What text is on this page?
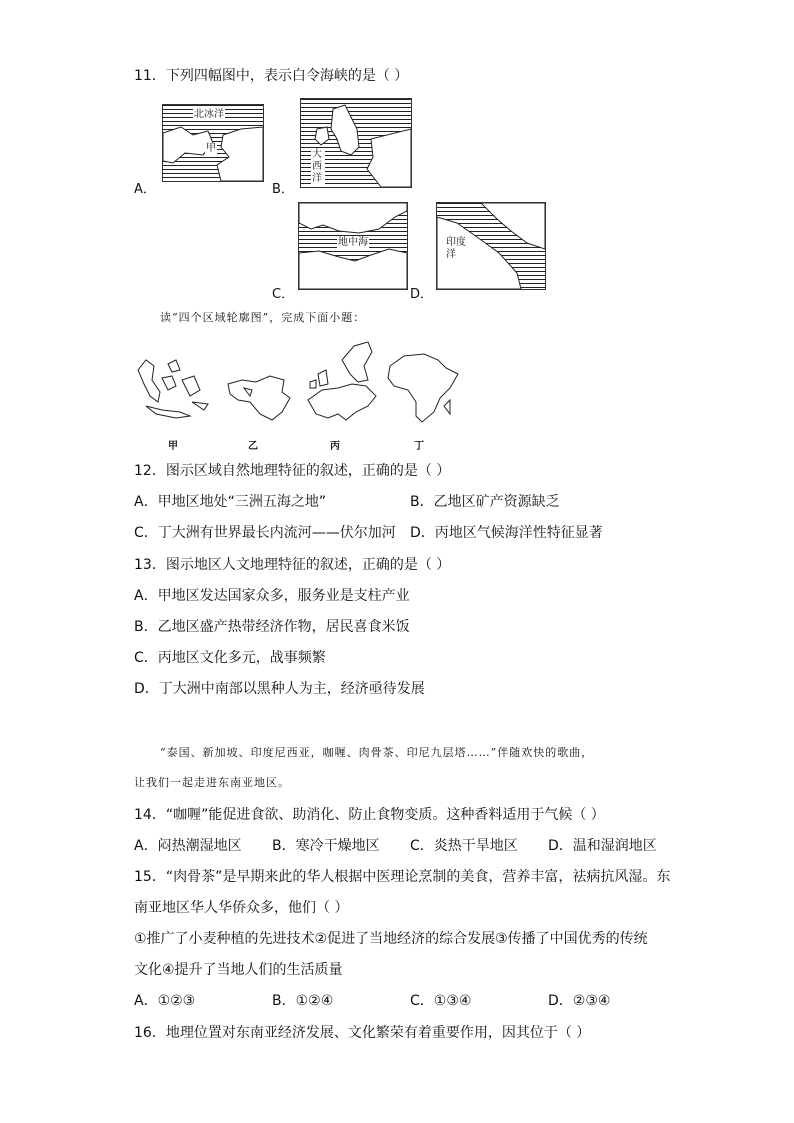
11．下列四幅图中，表示白令海峡的是（ ）
A．
北冰洋
甲
B．
大西洋
C．
地中海
D．
印度洋
读“四个区域轮廓图”，完成下面小题：
甲	乙	丙	丁
12．图示区域自然地理特征的叙述，正确的是（ ）
A．甲地区地处“三洲五海之地”	B．乙地区矿产资源缺乏
C．丁大洲有世界最长内流河——伏尔加河 D．丙地区气候海洋性特征显著
13．图示地区人文地理特征的叙述，正确的是（ ）
A．甲地区发达国家众多，服务业是支柱产业
B．乙地区盛产热带经济作物，居民喜食米饭
C．丙地区文化多元，战事频繁
D．丁大洲中南部以黑种人为主，经济亟待发展
“泰国、新加坡、印度尼西亚，咖喱、肉骨茶、印尼九层塔……”伴随欢快的歌曲，
让我们一起走进东南亚地区。
14．“咖喱”能促进食欲、助消化、防止食物变质。这种香料适用于气候（ ）
A．闷热潮湿地区 B．寒冷干燥地区 C．炎热干旱地区 D．温和湿润地区
15．“肉骨茶”是早期来此的华人根据中医理论烹制的美食，营养丰富，祛病抗风湿。东
南亚地区华人华侨众多，他们（ ）
①推广了小麦种植的先进技术②促进了当地经济的综合发展③传播了中国优秀的传统
文化④提升了当地人们的生活质量
A．①②③	B．①②④	C．①③④	D．②③④
16．地理位置对东南亚经济发展、文化繁荣有着重要作用，因其位于（ ）
